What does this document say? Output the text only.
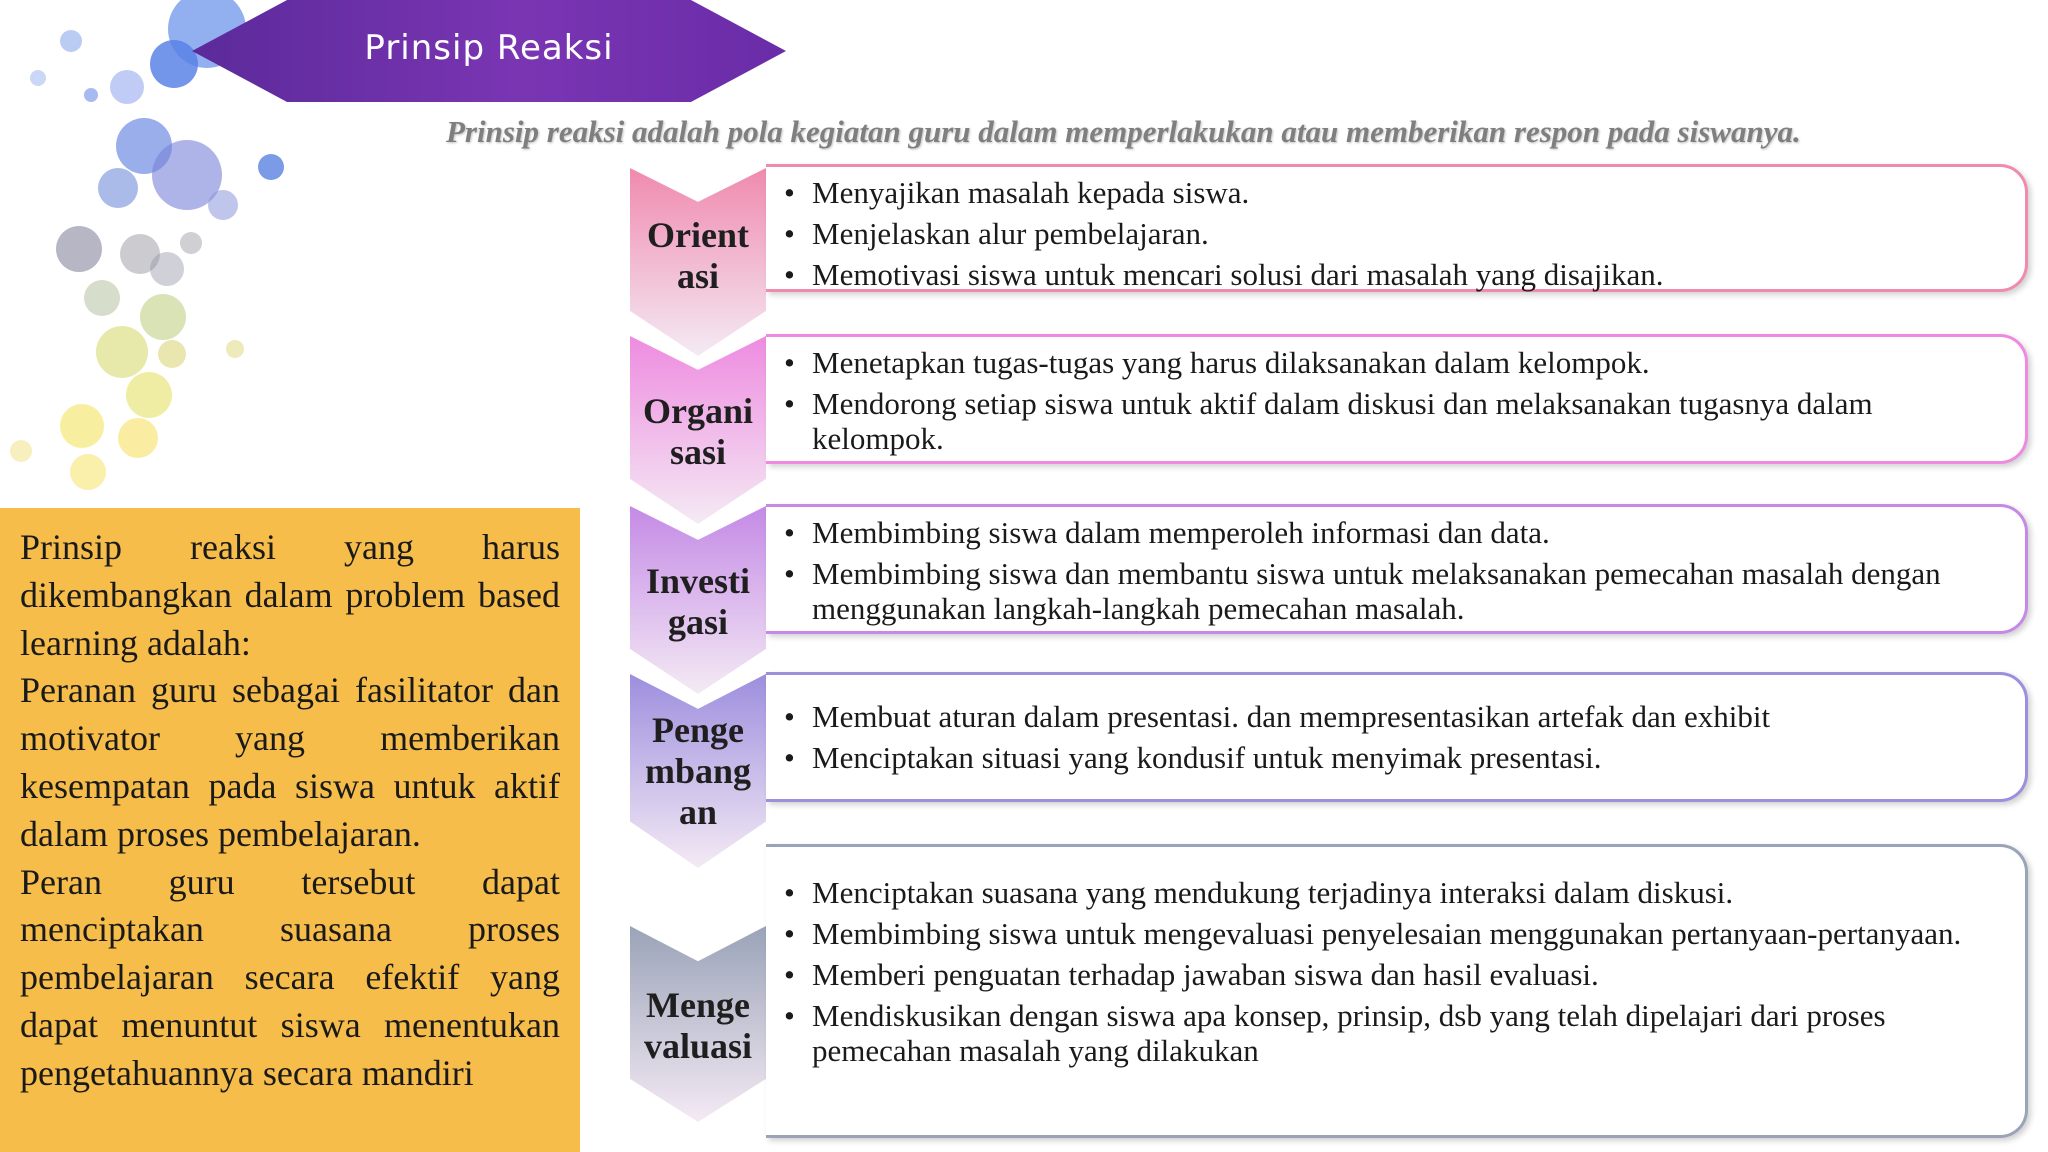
Prinsip Reaksi
Prinsip reaksi adalah pola kegiatan guru dalam memperlakukan atau memberikan respon pada siswanya.

Prinsip reaksi yang harus dikembangkan dalam problem based learning adalah:

Peranan guru sebagai fasilitator dan motivator yang memberikan kesempatan pada siswa untuk aktif dalam proses pembelajaran.

Peran guru tersebut dapat menciptakan suasana proses pembelajaran secara efektif yang dapat menuntut siswa menentukan pengetahuannya secara mandiri

Orient
asi
• Menyajikan masalah kepada siswa.
• Menjelaskan alur pembelajaran.
• Memotivasi siswa untuk mencari solusi dari masalah yang disajikan.
Organi
sasi
• Menetapkan tugas-tugas yang harus dilaksanakan dalam kelompok.
• Mendorong setiap siswa untuk aktif dalam diskusi dan melaksanakan tugasnya dalam kelompok.
Investi
gasi
• Membimbing siswa dalam memperoleh informasi dan data.
• Membimbing siswa dan membantu siswa untuk melaksanakan pemecahan masalah dengan menggunakan langkah-langkah pemecahan masalah.
Penge
mbang
an
• Membuat aturan dalam presentasi. dan mempresentasikan artefak dan exhibit
• Menciptakan situasi yang kondusif untuk menyimak presentasi.
Menge
valuasi
• Menciptakan suasana yang mendukung terjadinya interaksi dalam diskusi.
• Membimbing siswa untuk mengevaluasi penyelesaian menggunakan pertanyaan-pertanyaan.
• Memberi penguatan terhadap jawaban siswa dan hasil evaluasi.
• Mendiskusikan dengan siswa apa konsep, prinsip, dsb yang telah dipelajari dari proses pemecahan masalah yang dilakukan
